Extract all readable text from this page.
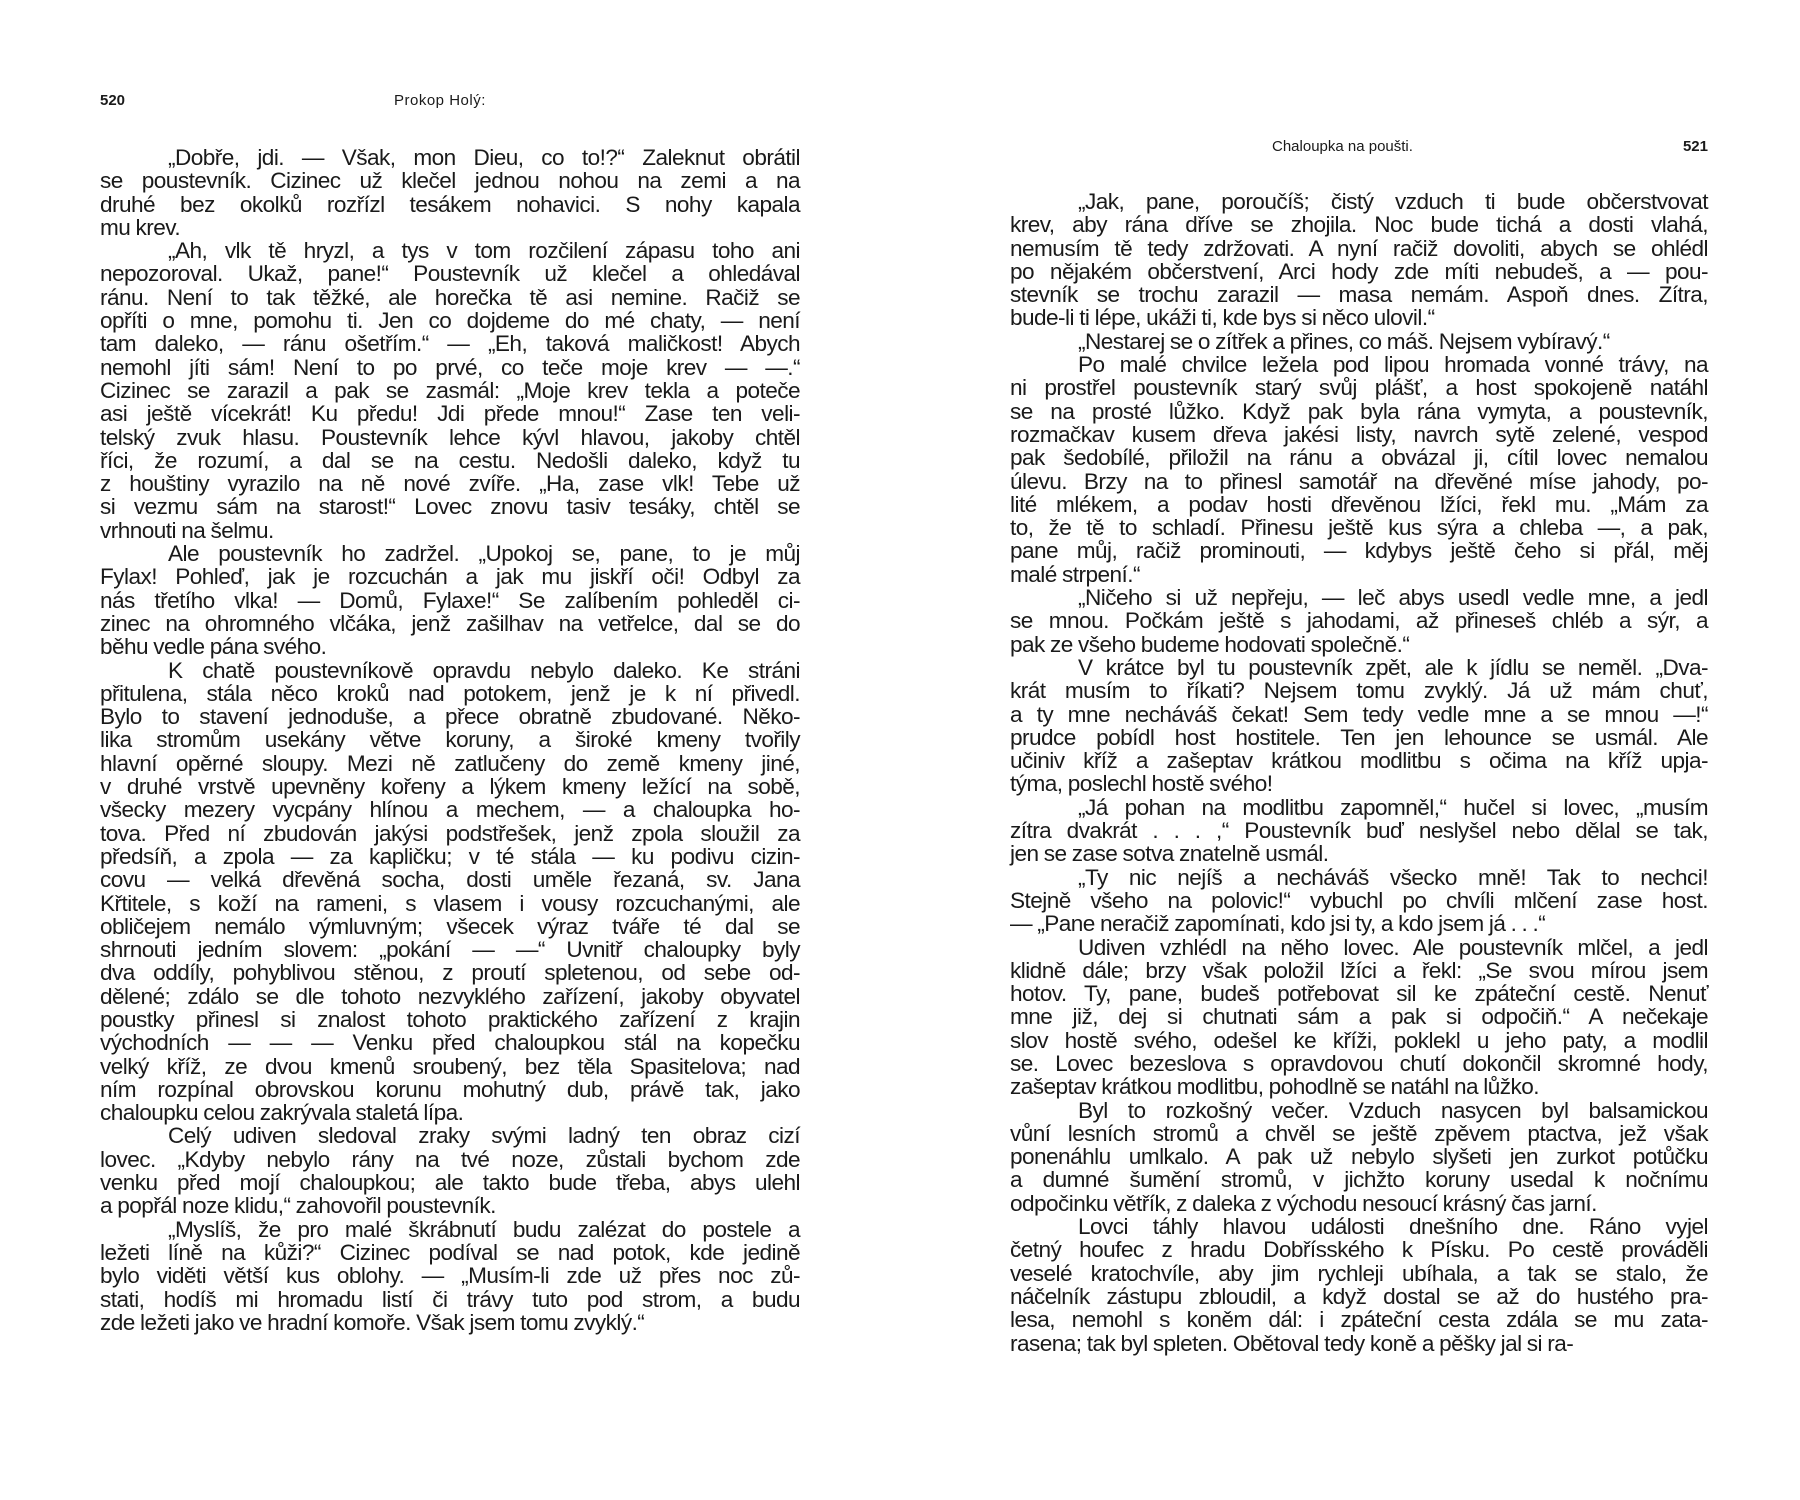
520	Prokop Holý:

„Dobře, jdi. — Však, mon Dieu, co to!?“ Zaleknut obrátil
se poustevník. Cizinec už klečel jednou nohou na zemi a na
druhé bez okolků rozřízl tesákem nohavici. S nohy kapala
mu krev.

„Ah, vlk tě hryzl, a tys v tom rozčilení zápasu toho ani
nepozoroval. Ukaž, pane!“ Poustevník už klečel a ohledával
ránu. Není to tak těžké, ale horečka tě asi nemine. Račiž se
opříti o mne, pomohu ti. Jen co dojdeme do mé chaty, — není
tam daleko, — ránu ošetřím.“ — „Eh, taková maličkost! Abych
nemohl jíti sám! Není to po prvé, co teče moje krev — —.“
Cizinec se zarazil a pak se zasmál: „Moje krev tekla a poteče
asi ještě vícekrát! Ku předu! Jdi přede mnou!“ Zase ten veli-
telský zvuk hlasu. Poustevník lehce kývl hlavou, jakoby chtěl
říci, že rozumí, a dal se na cestu. Nedošli daleko, když tu
z houštiny vyrazilo na ně nové zvíře. „Ha, zase vlk! Tebe už
si vezmu sám na starost!“ Lovec znovu tasiv tesáky, chtěl se
vrhnouti na šelmu.

Ale poustevník ho zadržel. „Upokoj se, pane, to je můj
Fylax! Pohleď, jak je rozcuchán a jak mu jiskří oči! Odbyl za
nás třetího vlka! — Domů, Fylaxe!“ Se zalíbením pohleděl ci-
zinec na ohromného vlčáka, jenž zašilhav na vetřelce, dal se do
běhu vedle pána svého.

K chatě poustevníkově opravdu nebylo daleko. Ke stráni
přitulena, stála něco kroků nad potokem, jenž je k ní přivedl.
Bylo to stavení jednoduše, a přece obratně zbudované. Něko-
lika stromům usekány větve koruny, a široké kmeny tvořily
hlavní opěrné sloupy. Mezi ně zatlučeny do země kmeny jiné,
v druhé vrstvě upevněny kořeny a lýkem kmeny ležící na sobě,
všecky mezery vycpány hlínou a mechem, — a chaloupka ho-
tova. Před ní zbudován jakýsi podstřešek, jenž zpola sloužil za
předsíň, a zpola — za kapličku; v té stála — ku podivu cizin-
covu — velká dřevěná socha, dosti uměle řezaná, sv. Jana
Křtitele, s koží na rameni, s vlasem i vousy rozcuchanými, ale
obličejem nemálo výmluvným; všecek výraz tváře té dal se
shrnouti jedním slovem: „pokání — —“ Uvnitř chaloupky byly
dva oddíly, pohyblivou stěnou, z proutí spletenou, od sebe od-
dělené; zdálo se dle tohoto nezvyklého zařízení, jakoby obyvatel
poustky přinesl si znalost tohoto praktického zařízení z krajin
východních — — — Venku před chaloupkou stál na kopečku
velký kříž, ze dvou kmenů sroubený, bez těla Spasitelova; nad
ním rozpínal obrovskou korunu mohutný dub, právě tak, jako
chaloupku celou zakrývala staletá lípa.

Celý udiven sledoval zraky svými ladný ten obraz cizí
lovec. „Kdyby nebylo rány na tvé noze, zůstali bychom zde
venku před mojí chaloupkou; ale takto bude třeba, abys ulehl
a popřál noze klidu,“ zahovořil poustevník.

„Myslíš, že pro malé škrábnutí budu zalézat do postele a
ležeti líně na kůži?“ Cizinec podíval se nad potok, kde jedině
bylo viděti větší kus oblohy. — „Musím-li zde už přes noc zů-
stati, hodíš mi hromadu listí či trávy tuto pod strom, a budu
zde ležeti jako ve hradní komoře. Však jsem tomu zvyklý.“

Chaloupka na poušti.	521

„Jak, pane, poroučíš; čistý vzduch ti bude občerstvovat
krev, aby rána dříve se zhojila. Noc bude tichá a dosti vlahá,
nemusím tě tedy zdržovati. A nyní račiž dovoliti, abych se ohlédl
po nějakém občerstvení, Arci hody zde míti nebudeš, a — pou-
stevník se trochu zarazil — masa nemám. Aspoň dnes. Zítra,
bude-li ti lépe, ukáži ti, kde bys si něco ulovil.“

„Nestarej se o zítřek a přines, co máš. Nejsem vybíravý.“

Po malé chvilce ležela pod lipou hromada vonné trávy, na
ni prostřel poustevník starý svůj plášť, a host spokojeně natáhl
se na prosté lůžko. Když pak byla rána vymyta, a poustevník,
rozmačkav kusem dřeva jakési listy, navrch sytě zelené, vespod
pak šedobílé, přiložil na ránu a obvázal ji, cítil lovec nemalou
úlevu. Brzy na to přinesl samotář na dřevěné míse jahody, po-
lité mlékem, a podav hosti dřevěnou lžíci, řekl mu. „Mám za
to, že tě to schladí. Přinesu ještě kus sýra a chleba —, a pak,
pane můj, račiž prominouti, — kdybys ještě čeho si přál, měj
malé strpení.“

„Ničeho si už nepřeju, — leč abys usedl vedle mne, a jedl
se mnou. Počkám ještě s jahodami, až přineseš chléb a sýr, a
pak ze všeho budeme hodovati společně.“

V krátce byl tu poustevník zpět, ale k jídlu se neměl. „Dva-
krát musím to říkati? Nejsem tomu zvyklý. Já už mám chuť,
a ty mne necháváš čekat! Sem tedy vedle mne a se mnou —!“
prudce pobídl host hostitele. Ten jen lehounce se usmál. Ale
učiniv kříž a zašeptav krátkou modlitbu s očima na kříž upja-
týma, poslechl hostě svého!

„Já pohan na modlitbu zapomněl,“ hučel si lovec, „musím
zítra dvakrát . . . ,“ Poustevník buď neslyšel nebo dělal se tak,
jen se zase sotva znatelně usmál.

„Ty nic nejíš a necháváš všecko mně! Tak to nechci!
Stejně všeho na polovic!“ vybuchl po chvíli mlčení zase host.
— „Pane neračiž zapomínati, kdo jsi ty, a kdo jsem já . . .“

Udiven vzhlédl na něho lovec. Ale poustevník mlčel, a jedl
klidně dále; brzy však položil lžíci a řekl: „Se svou mírou jsem
hotov. Ty, pane, budeš potřebovat sil ke zpáteční cestě. Nenuť
mne již, dej si chutnati sám a pak si odpočiň.“ A nečekaje
slov hostě svého, odešel ke kříži, poklekl u jeho paty, a modlil
se. Lovec bezeslova s opravdovou chutí dokončil skromné hody,
zašeptav krátkou modlitbu, pohodlně se natáhl na lůžko.

Byl to rozkošný večer. Vzduch nasycen byl balsamickou
vůní lesních stromů a chvěl se ještě zpěvem ptactva, jež však
ponenáhlu umlkalo. A pak už nebylo slyšeti jen zurkot potůčku
a dumné šumění stromů, v jichžto koruny usedal k nočnímu
odpočinku větřík, z daleka z východu nesoucí krásný čas jarní.

Lovci táhly hlavou události dnešního dne. Ráno vyjel
četný houfec z hradu Dobřísského k Písku. Po cestě prováděli
veselé kratochvíle, aby jim rychleji ubíhala, a tak se stalo, že
náčelník zástupu zbloudil, a když dostal se až do hustého pra-
lesa, nemohl s koněm dál: i zpáteční cesta zdála se mu zata-
rasena; tak byl spleten. Obětoval tedy koně a pěšky jal si ra-
